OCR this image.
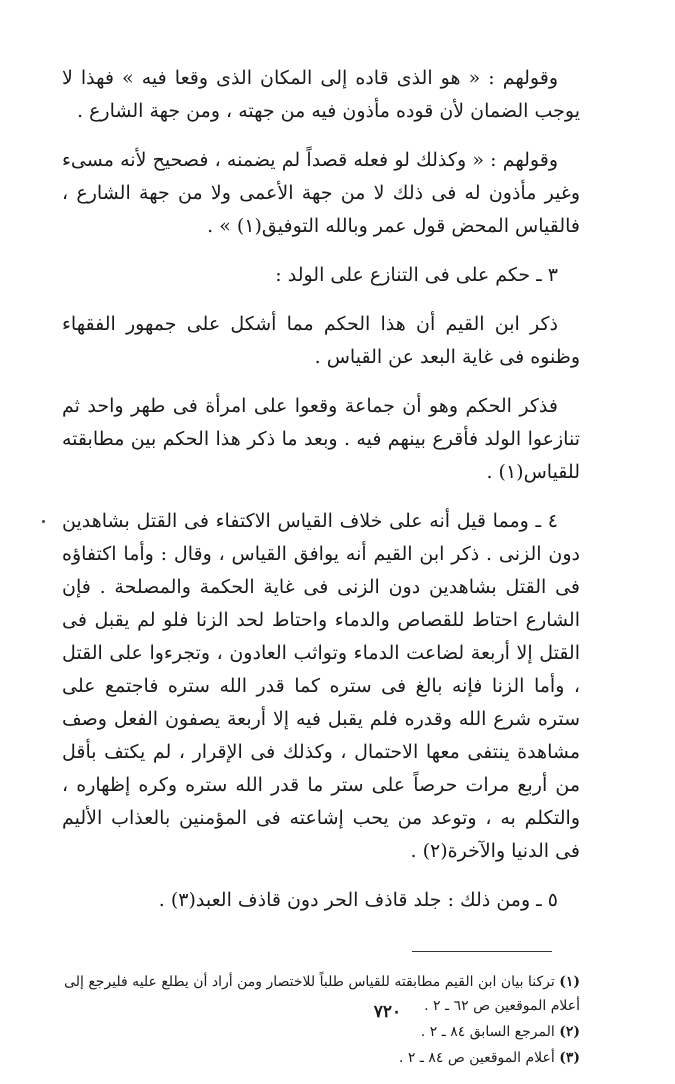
وقولهم : « هو الذى قاده إلى المكان الذى وقعا فيه » فهذا لا يوجب الضمان لأن قوده مأذون فيه من جهته ، ومن جهة الشارع .

وقولهم : « وكذلك لو فعله قصداً لم يضمنه ، فصحيح لأنه مسىء وغير مأذون له فى ذلك لا من جهة الأعمى ولا من جهة الشارع ، فالقياس المحض قول عمر وبالله التوفيق(١) » .

٣ ـ حكم على فى التنازع على الولد :

ذكر ابن القيم أن هذا الحكم مما أشكل على جمهور الفقهاء وظنوه فى غاية البعد عن القياس .

فذكر الحكم وهو أن جماعة وقعوا على امرأة فى طهر واحد ثم تنازعوا الولد فأقرع بينهم فيه . وبعد ما ذكر هذا الحكم بين مطابقته للقياس(١) .

٤ ـ ومما قيل أنه على خلاف القياس الاكتفاء فى القتل بشاهدين دون الزنى . ذكر ابن القيم أنه يوافق القياس ، وقال : وأما اكتفاؤه فى القتل بشاهدين دون الزنى فى غاية الحكمة والمصلحة . فإن الشارع احتاط للقصاص والدماء واحتاط لحد الزنا فلو لم يقبل فى القتل إلا أربعة لضاعت الدماء وتواثب العادون ، وتجرءوا على القتل ، وأما الزنا فإنه بالغ فى ستره كما قدر الله ستره فاجتمع على ستره شرع الله وقدره فلم يقبل فيه إلا أربعة يصفون الفعل وصف مشاهدة ينتفى معها الاحتمال ، وكذلك فى الإقرار ، لم يكتف بأقل من أربع مرات حرصاً على ستر ما قدر الله ستره وكره إظهاره ، والتكلم به ، وتوعد من يحب إشاعته فى المؤمنين بالعذاب الأليم فى الدنيا والآخرة(٢) .

٥ ـ ومن ذلك : جلد قاذف الحر دون قاذف العبد(٣) .

(١) تركنا بيان ابن القيم مطابقته للقياس طلباً للاختصار ومن أراد أن يطلع عليه فليرجع إلى أعلام الموقعين ص ٦٢ ـ ٢ .

(٢) المرجع السابق ٨٤ ـ ٢ .

(٣) أعلام الموقعين ص ٨٤ ـ ٢ .

٧٢٠
